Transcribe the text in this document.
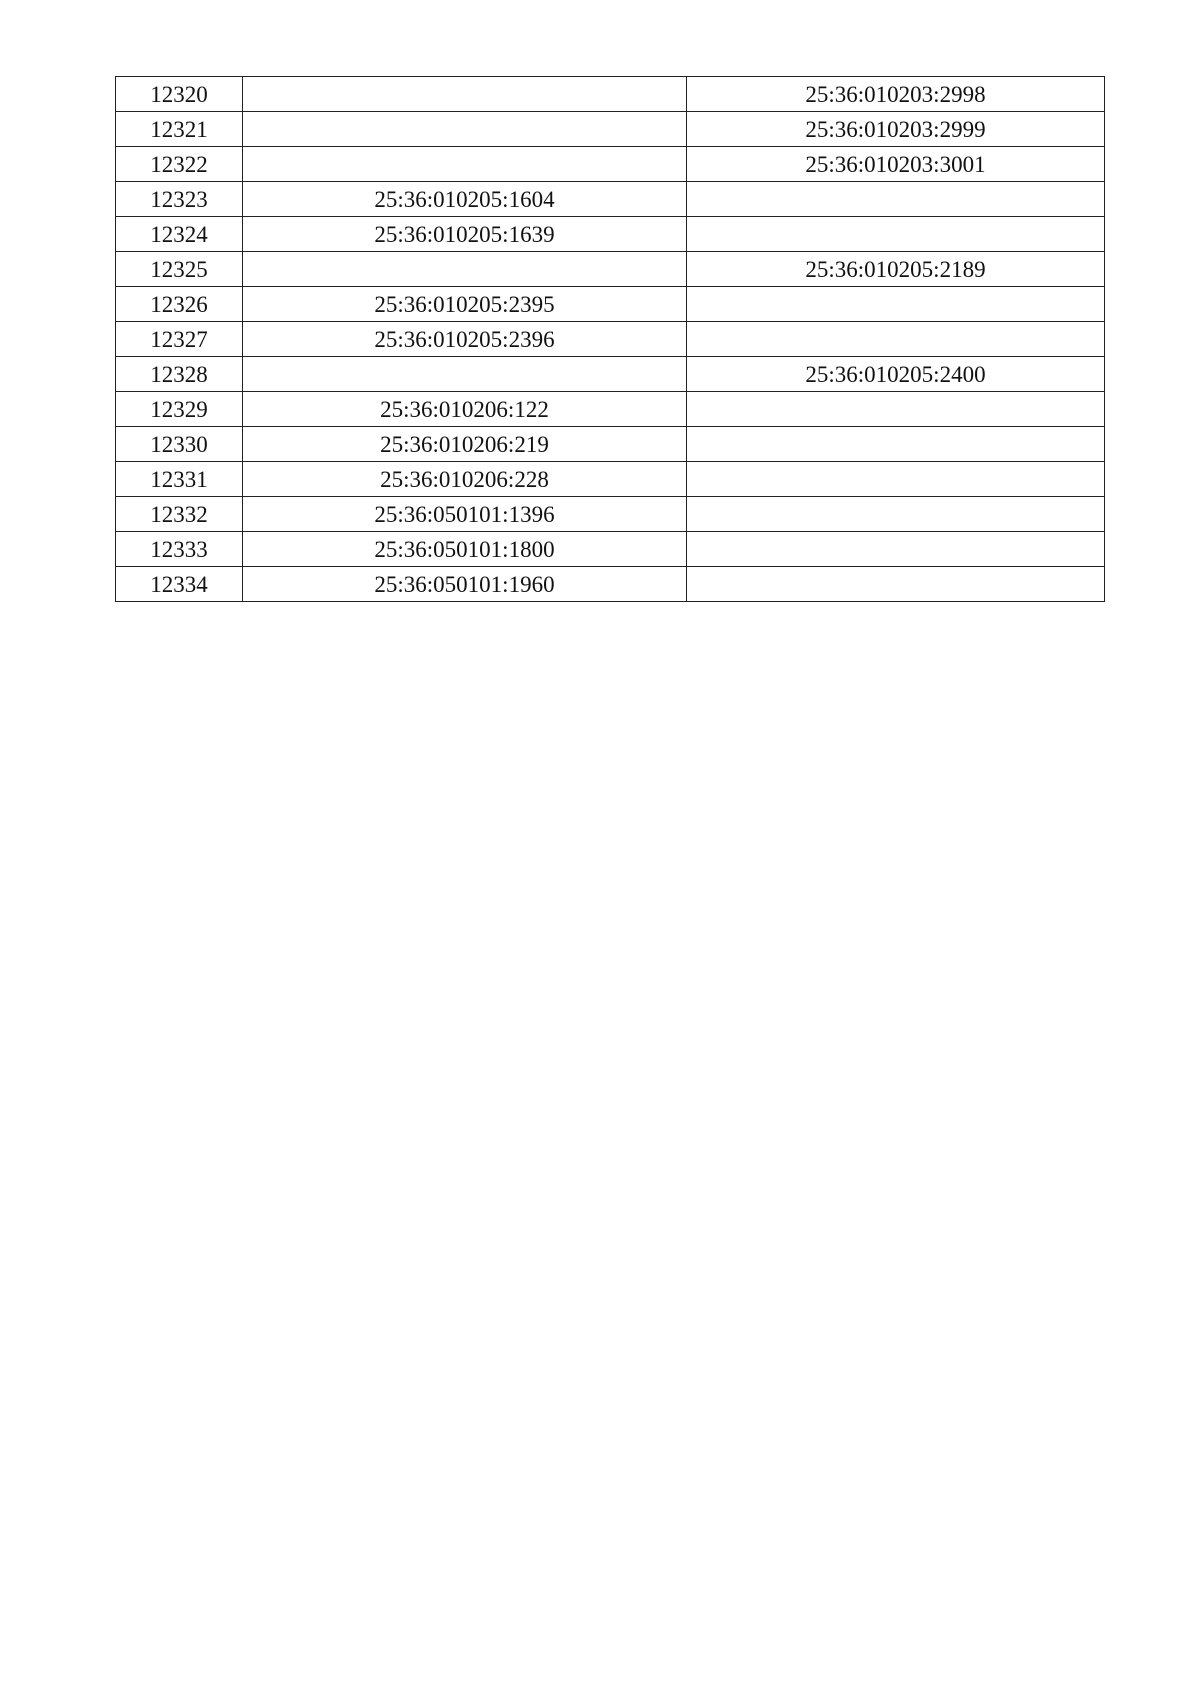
12320		25:36:010203:2998
12321		25:36:010203:2999
12322		25:36:010203:3001
12323	25:36:010205:1604	
12324	25:36:010205:1639	
12325		25:36:010205:2189
12326	25:36:010205:2395	
12327	25:36:010205:2396	
12328		25:36:010205:2400
12329	25:36:010206:122	
12330	25:36:010206:219	
12331	25:36:010206:228	
12332	25:36:050101:1396	
12333	25:36:050101:1800	
12334	25:36:050101:1960	
